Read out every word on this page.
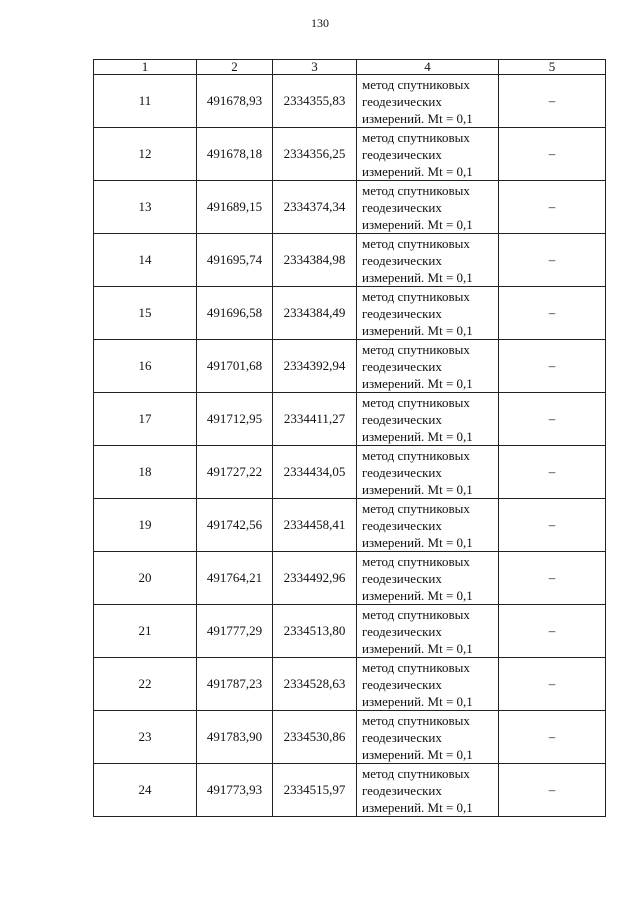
130
1	2	3	4	5
11	491678,93	2334355,83	метод спутниковых
геодезических
измерений. Mt = 0,1	–
12	491678,18	2334356,25	метод спутниковых
геодезических
измерений. Mt = 0,1	–
13	491689,15	2334374,34	метод спутниковых
геодезических
измерений. Mt = 0,1	–
14	491695,74	2334384,98	метод спутниковых
геодезических
измерений. Mt = 0,1	–
15	491696,58	2334384,49	метод спутниковых
геодезических
измерений. Mt = 0,1	–
16	491701,68	2334392,94	метод спутниковых
геодезических
измерений. Mt = 0,1	–
17	491712,95	2334411,27	метод спутниковых
геодезических
измерений. Mt = 0,1	–
18	491727,22	2334434,05	метод спутниковых
геодезических
измерений. Mt = 0,1	–
19	491742,56	2334458,41	метод спутниковых
геодезических
измерений. Mt = 0,1	–
20	491764,21	2334492,96	метод спутниковых
геодезических
измерений. Mt = 0,1	–
21	491777,29	2334513,80	метод спутниковых
геодезических
измерений. Mt = 0,1	–
22	491787,23	2334528,63	метод спутниковых
геодезических
измерений. Mt = 0,1	–
23	491783,90	2334530,86	метод спутниковых
геодезических
измерений. Mt = 0,1	–
24	491773,93	2334515,97	метод спутниковых
геодезических
измерений. Mt = 0,1	–
